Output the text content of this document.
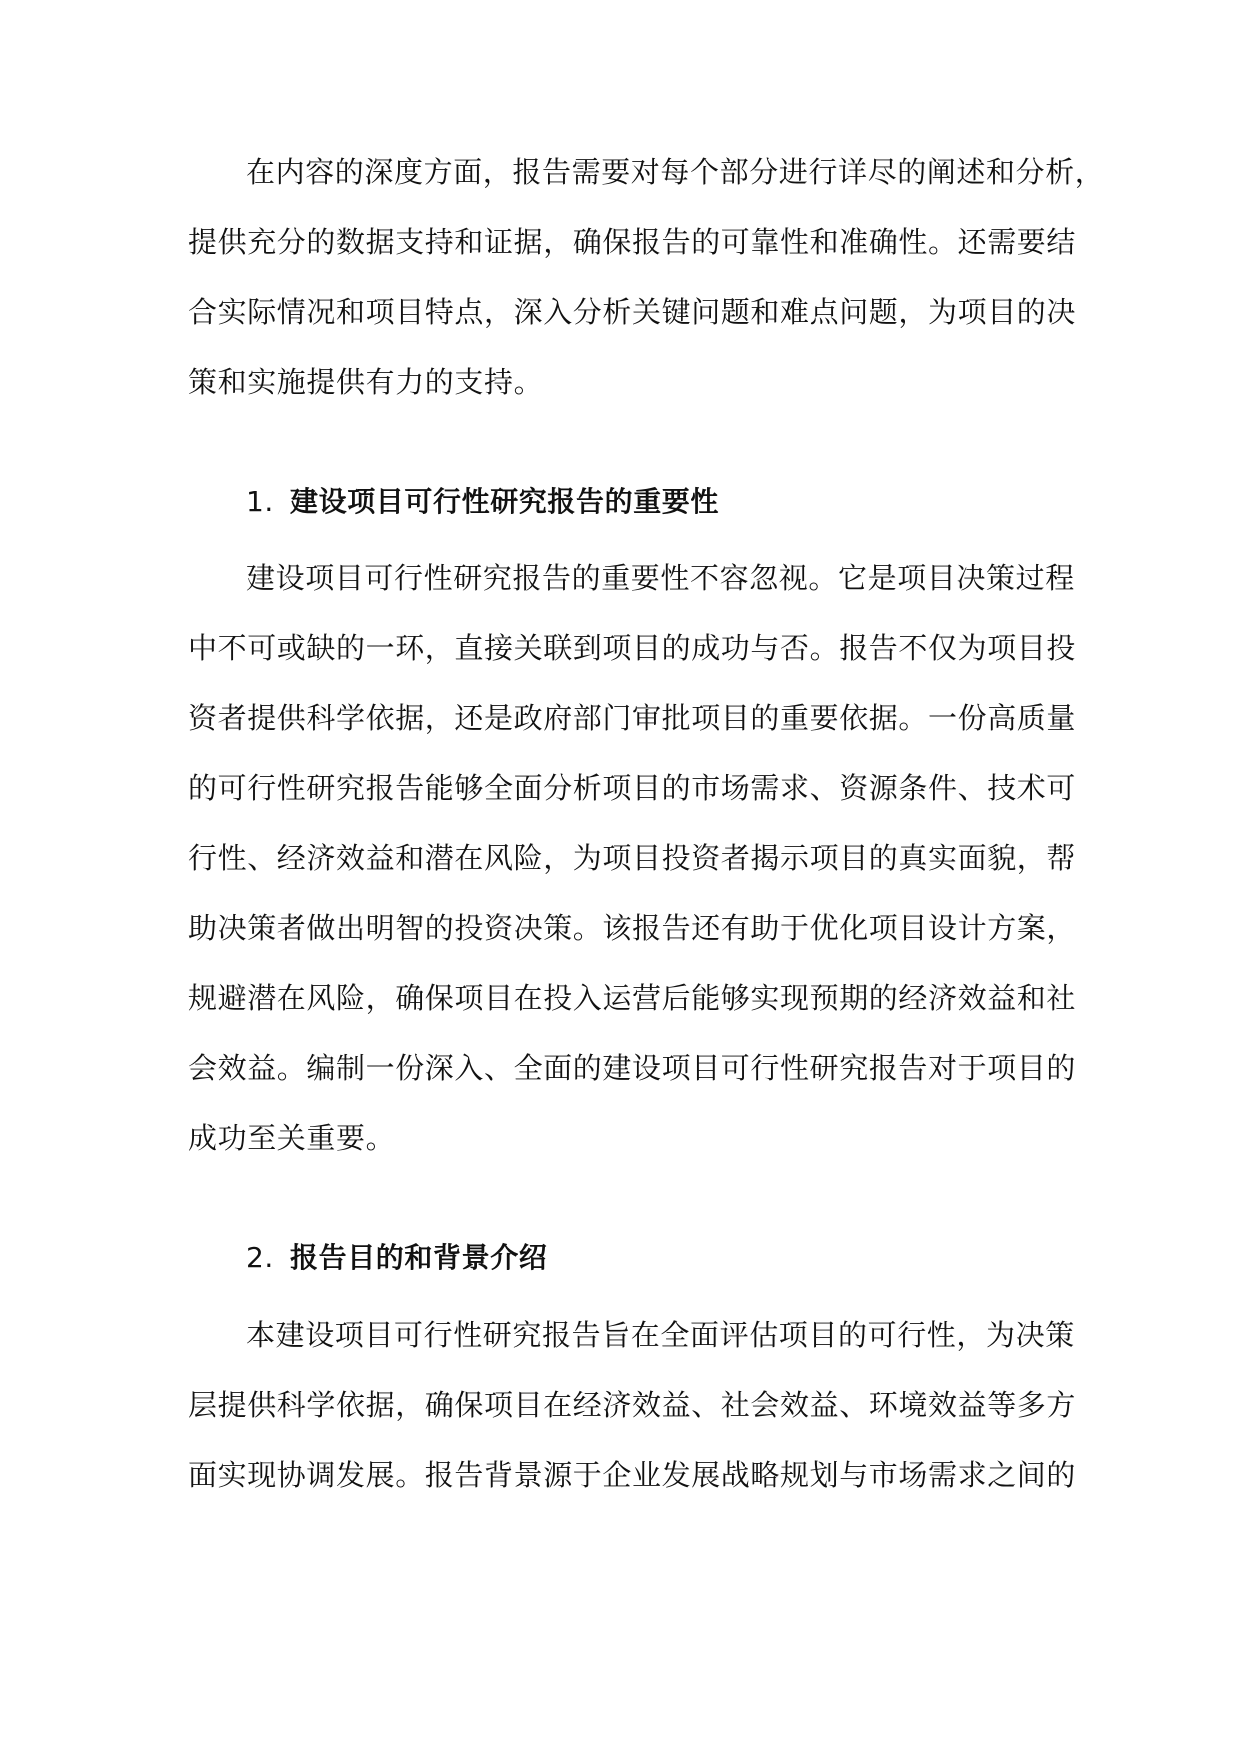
在内容的深度方面，报告需要对每个部分进行详尽的阐述和分析，
提供充分的数据支持和证据，确保报告的可靠性和准确性。还需要结
合实际情况和项目特点，深入分析关键问题和难点问题，为项目的决
策和实施提供有力的支持。
1. 建设项目可行性研究报告的重要性
建设项目可行性研究报告的重要性不容忽视。它是项目决策过程
中不可或缺的一环，直接关联到项目的成功与否。报告不仅为项目投
资者提供科学依据，还是政府部门审批项目的重要依据。一份高质量
的可行性研究报告能够全面分析项目的市场需求、资源条件、技术可
行性、经济效益和潜在风险，为项目投资者揭示项目的真实面貌，帮
助决策者做出明智的投资决策。该报告还有助于优化项目设计方案，
规避潜在风险，确保项目在投入运营后能够实现预期的经济效益和社
会效益。编制一份深入、全面的建设项目可行性研究报告对于项目的
成功至关重要。
2. 报告目的和背景介绍
本建设项目可行性研究报告旨在全面评估项目的可行性，为决策
层提供科学依据，确保项目在经济效益、社会效益、环境效益等多方
面实现协调发展。报告背景源于企业发展战略规划与市场需求之间的
